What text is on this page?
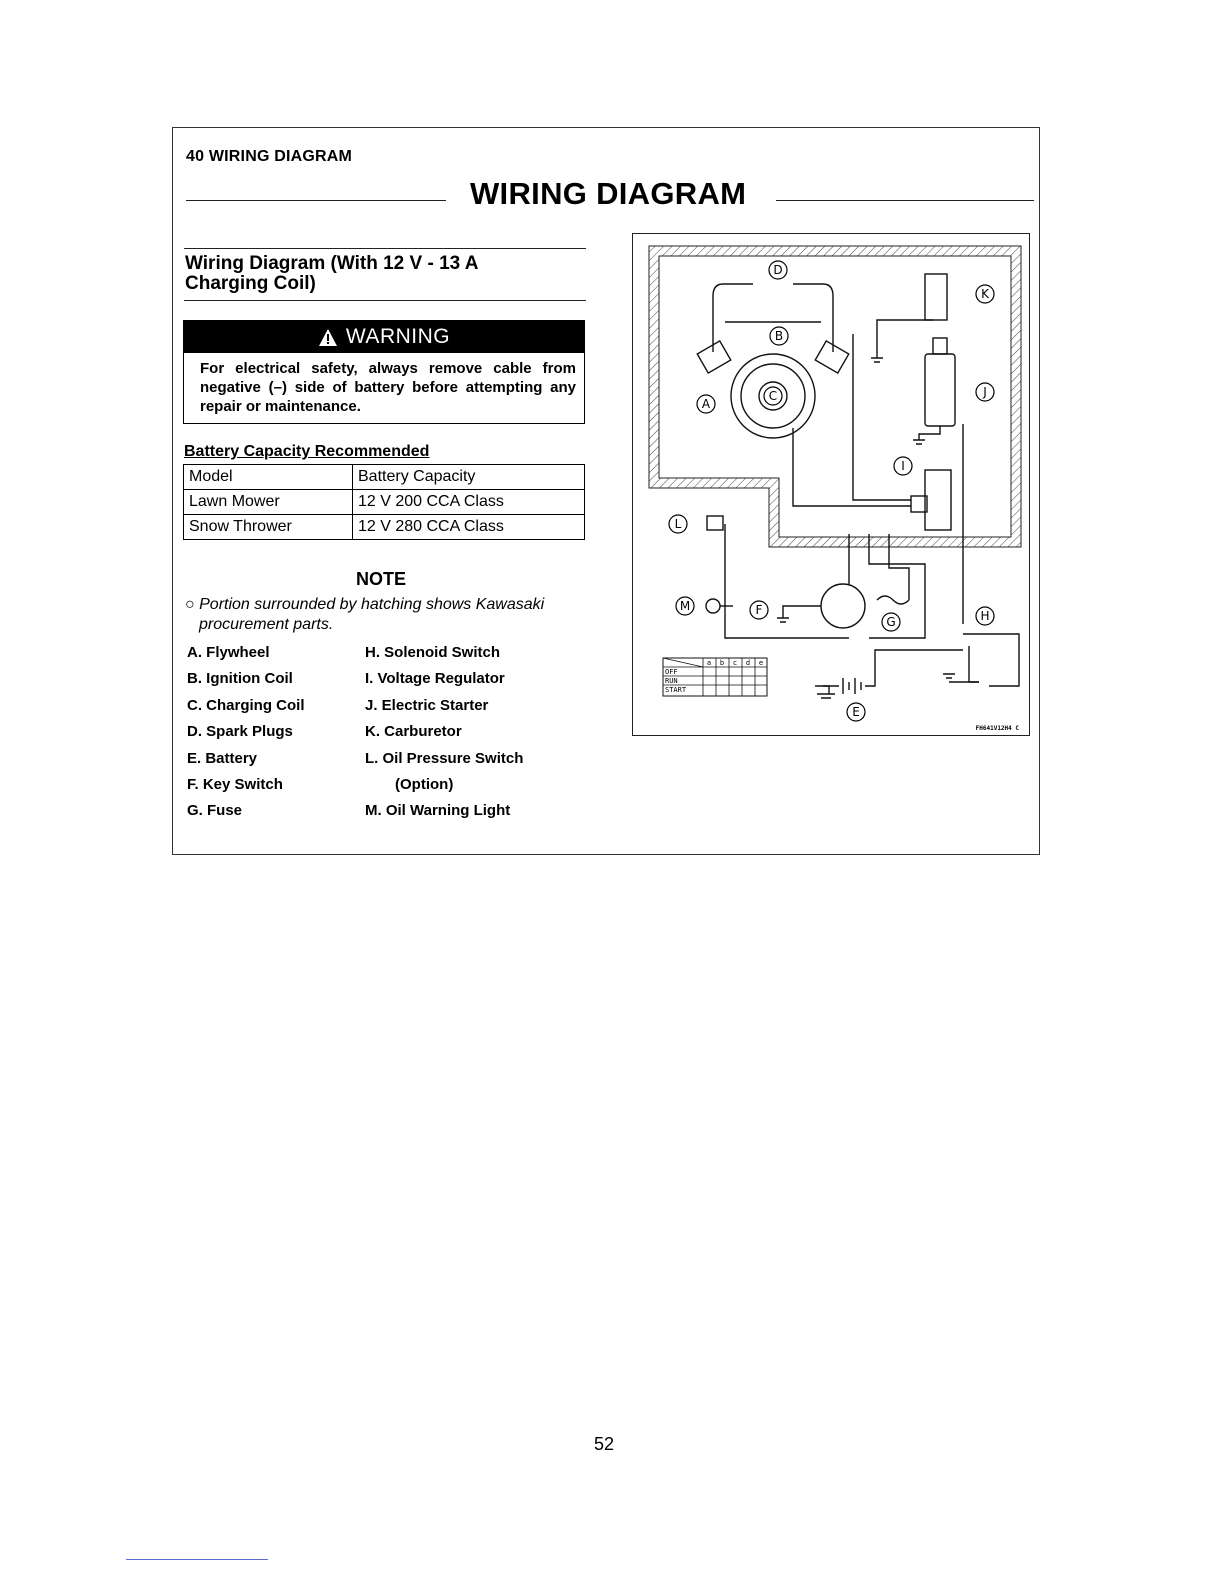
40 WIRING DIAGRAM
WIRING DIAGRAM
Wiring Diagram (With 12 V - 13 A
Charging Coil)
WARNING
For electrical safety, always remove cable from negative (–) side of battery before attempting any repair or maintenance.
Battery Capacity Recommended
Model	Battery Capacity
Lawn Mower	12 V 200 CCA Class
Snow Thrower	12 V 280 CCA Class
NOTE
○ Portion surrounded by hatching shows Kawasaki
procurement parts.
A. Flywheel
B. Ignition Coil
C. Charging Coil
D. Spark Plugs
E. Battery
F. Key Switch
G. Fuse
H. Solenoid Switch
I. Voltage Regulator
J. Electric Starter
K. Carburetor
L. Oil Pressure Switch
(Option)
M. Oil Warning Light
a b c d e
OFF
RUN
START
A
B
C
D
E
F
G	H
I
J
K
L
M
FH641V12H4 C
52
